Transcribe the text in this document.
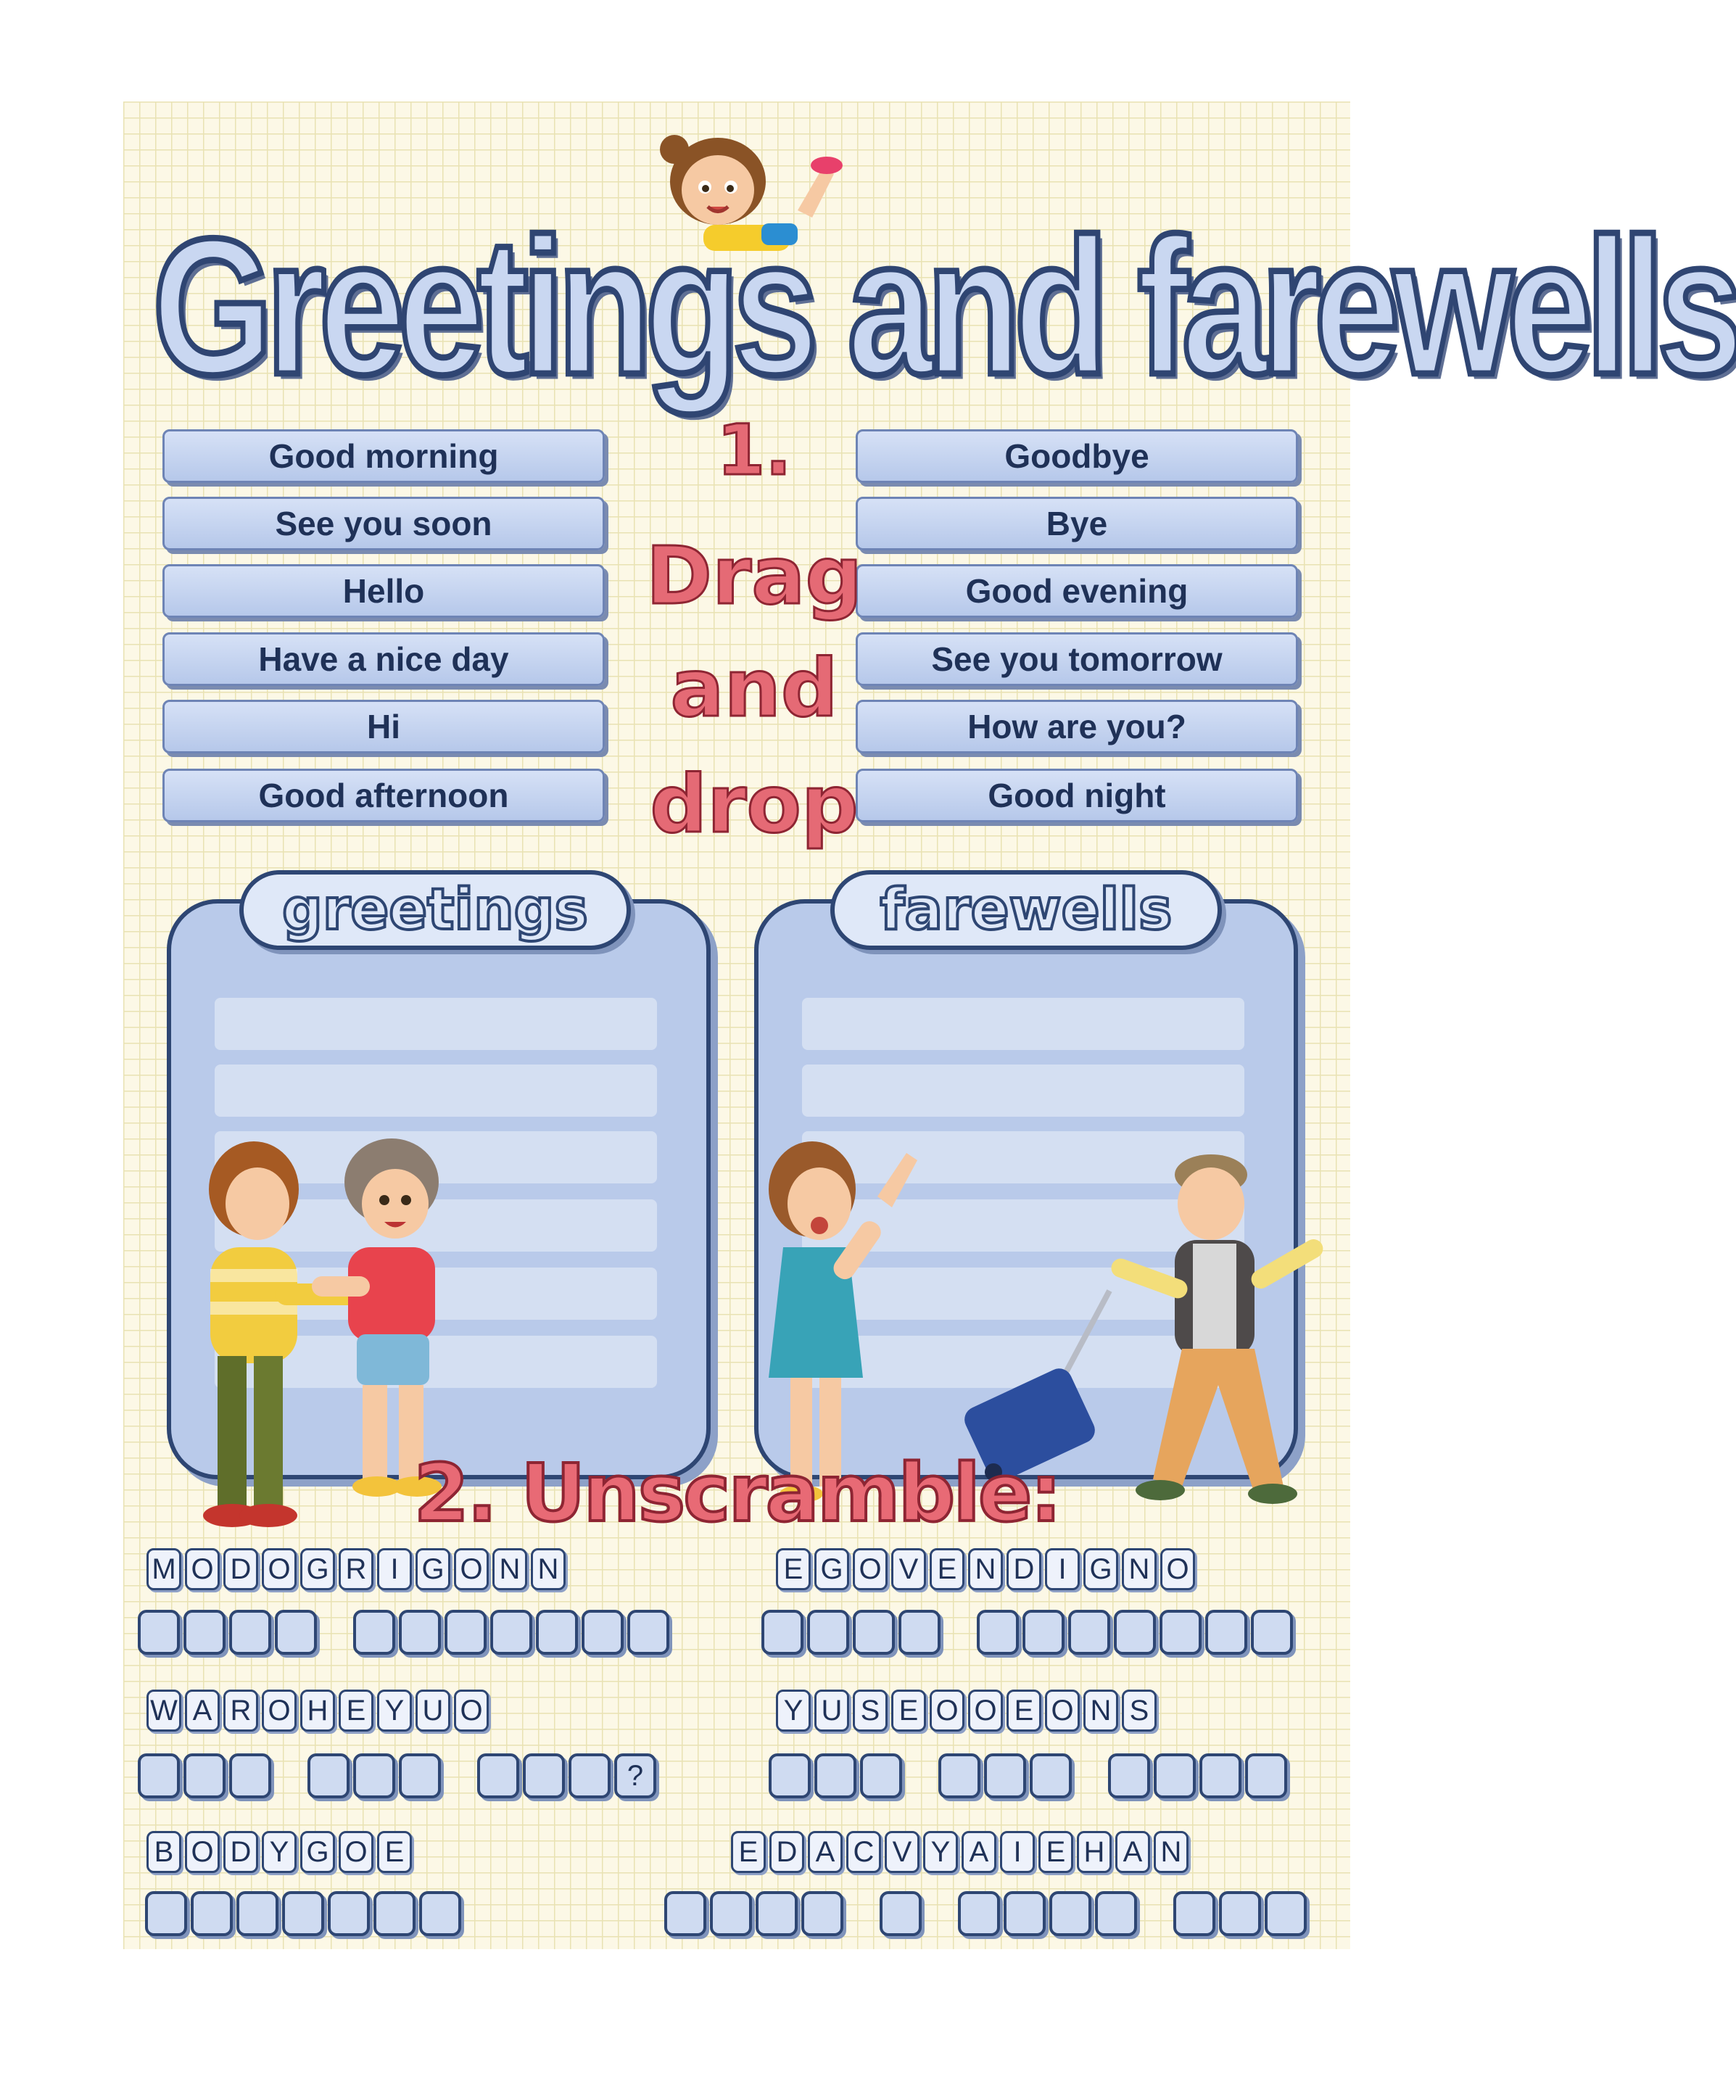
Greetings and farewells
Good morning
See you soon
Hello
Have a nice day
Hi
Good afternoon
Goodbye
Bye
Good evening
See you tomorrow
How are you?
Good night
1.
Drag
and
drop
greetings	farewells
2. Unscramble:
M O D O G R I G O N N	E G O V E N D I G N O
W A R O H E Y U O
?
Y U S E O O E O N S
B O D Y G O E	E D A C V Y A I E H A N
